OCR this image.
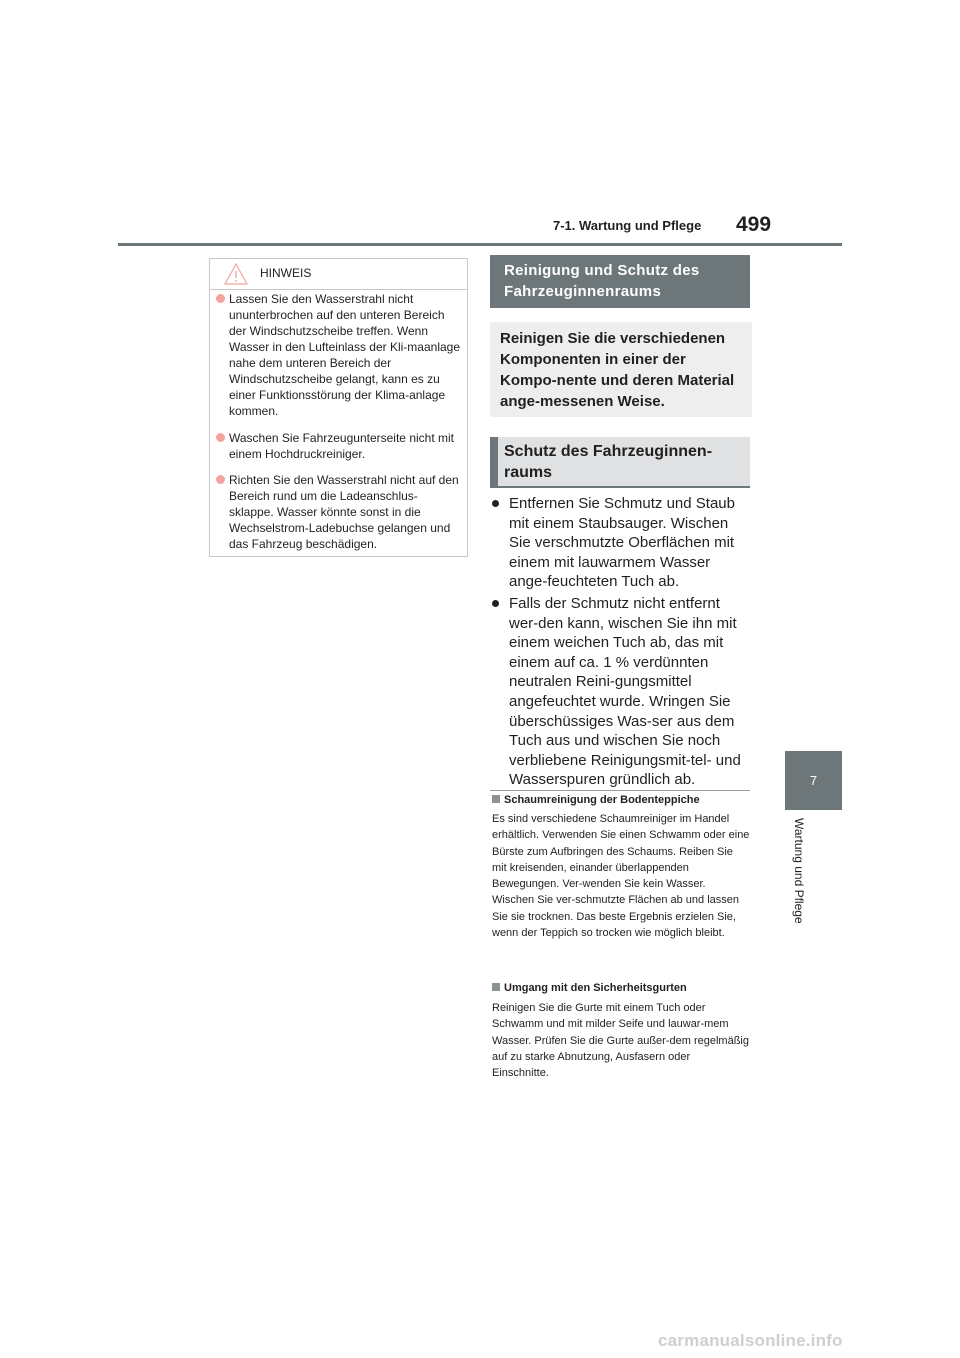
7-1. Wartung und Pflege 499
7
Wartung und Pflege
HINWEIS
Lassen Sie den Wasserstrahl nicht ununterbrochen auf den unteren Bereich der Windschutzscheibe treffen. Wenn Wasser in den Lufteinlass der Kli-maanlage nahe dem unteren Bereich der Windschutzscheibe gelangt, kann es zu einer Funktionsstörung der Klima-anlage kommen.
Waschen Sie Fahrzeugunterseite nicht mit einem Hochdruckreiniger.
Richten Sie den Wasserstrahl nicht auf den Bereich rund um die Ladeanschlus-sklappe. Wasser könnte sonst in die Wechselstrom-Ladebuchse gelangen und das Fahrzeug beschädigen.
Reinigung und Schutz des Fahrzeuginnenraums
Reinigen Sie die verschiedenen Komponenten in einer der Kompo-nente und deren Material ange-messenen Weise.
Schutz des Fahrzeuginnen-raums
Entfernen Sie Schmutz und Staub mit einem Staubsauger. Wischen Sie verschmutzte Oberflächen mit einem mit lauwarmem Wasser ange-feuchteten Tuch ab.
Falls der Schmutz nicht entfernt wer-den kann, wischen Sie ihn mit einem weichen Tuch ab, das mit einem auf ca. 1 % verdünnten neutralen Reini-gungsmittel angefeuchtet wurde. Wringen Sie überschüssiges Was-ser aus dem Tuch aus und wischen Sie noch verbliebene Reinigungsmit-tel- und Wasserspuren gründlich ab.
Schaumreinigung der Bodenteppiche
Es sind verschiedene Schaumreiniger im Handel erhältlich. Verwenden Sie einen Schwamm oder eine Bürste zum Aufbringen des Schaums. Reiben Sie mit kreisenden, einander überlappenden Bewegungen. Ver-wenden Sie kein Wasser. Wischen Sie ver-schmutzte Flächen ab und lassen Sie sie trocknen. Das beste Ergebnis erzielen Sie, wenn der Teppich so trocken wie möglich bleibt.
Umgang mit den Sicherheitsgurten
Reinigen Sie die Gurte mit einem Tuch oder Schwamm und mit milder Seife und lauwar-mem Wasser. Prüfen Sie die Gurte außer-dem regelmäßig auf zu starke Abnutzung, Ausfasern oder Einschnitte.
carmanualsonline.info
